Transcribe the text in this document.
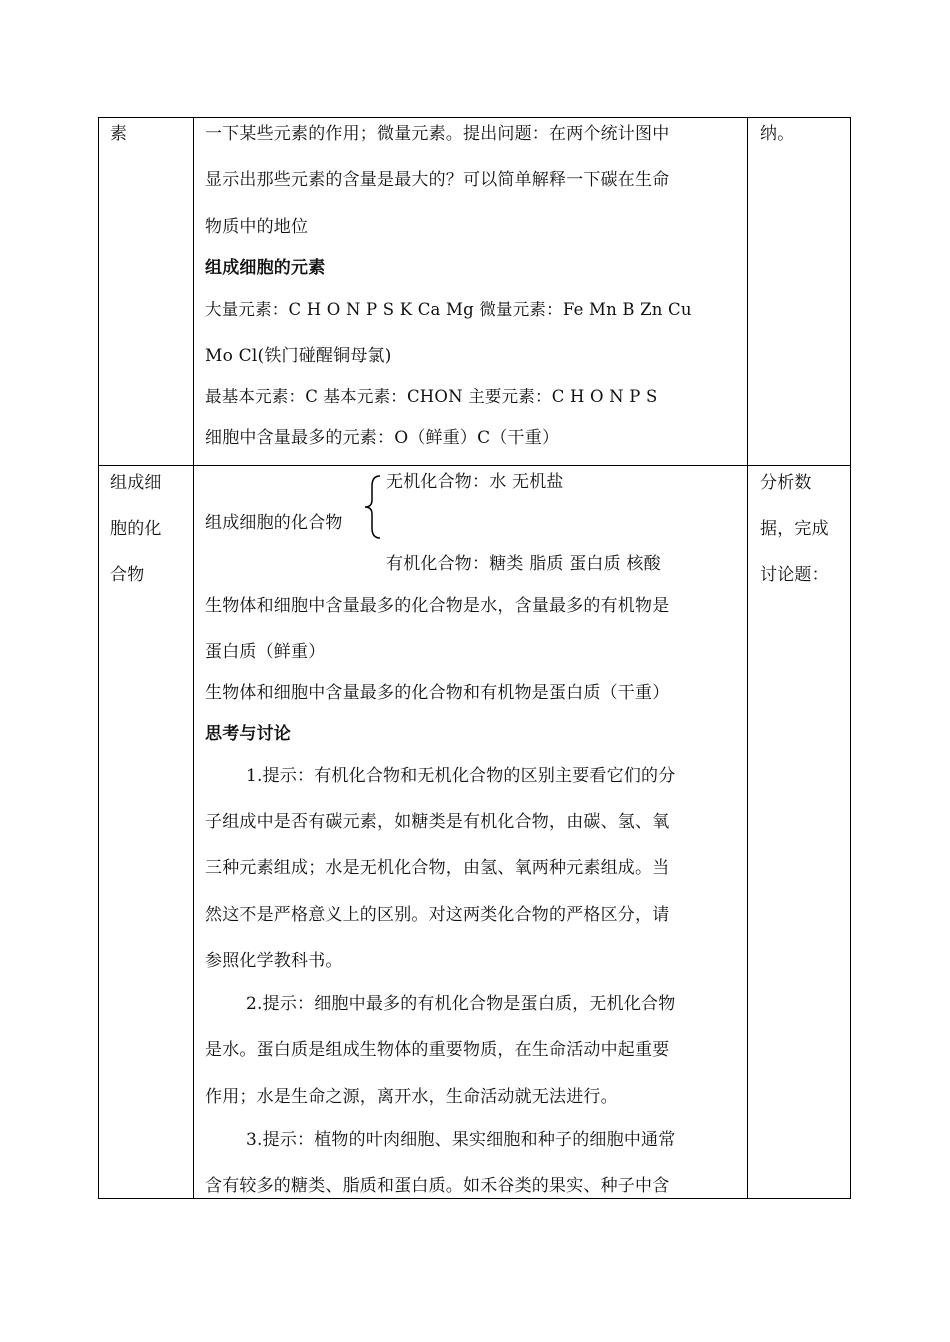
素	一下某些元素的作用；微量元素。提出问题：在两个统计图中
显示出那些元素的含量是最大的？可以简单解释一下碳在生命
物质中的地位
组成细胞的元素
大量元素：C H O N P S K Ca Mg 微量元素：Fe Mn B Zn Cu
Mo Cl(铁门碰醒铜母氯)
最基本元素：C 基本元素：CHON 主要元素：C H O N P S
细胞中含量最多的元素：O（鲜重）C（干重）
纳。
组成细
胞的化
合物
无机化合物：水 无机盐
组成细胞的化合物
有机化合物：糖类 脂质 蛋白质 核酸
生物体和细胞中含量最多的化合物是水，含量最多的有机物是
蛋白质（鲜重）
生物体和细胞中含量最多的化合物和有机物是蛋白质（干重）
思考与讨论
1.提示：有机化合物和无机化合物的区别主要看它们的分
子组成中是否有碳元素，如糖类是有机化合物，由碳、氢、氧
三种元素组成；水是无机化合物，由氢、氧两种元素组成。当
然这不是严格意义上的区别。对这两类化合物的严格区分，请
参照化学教科书。
2.提示：细胞中最多的有机化合物是蛋白质，无机化合物
是水。蛋白质是组成生物体的重要物质，在生命活动中起重要
作用；水是生命之源，离开水，生命活动就无法进行。
3.提示：植物的叶肉细胞、果实细胞和种子的细胞中通常
含有较多的糖类、脂质和蛋白质。如禾谷类的果实、种子中含
分析数
据，完成
讨论题：
